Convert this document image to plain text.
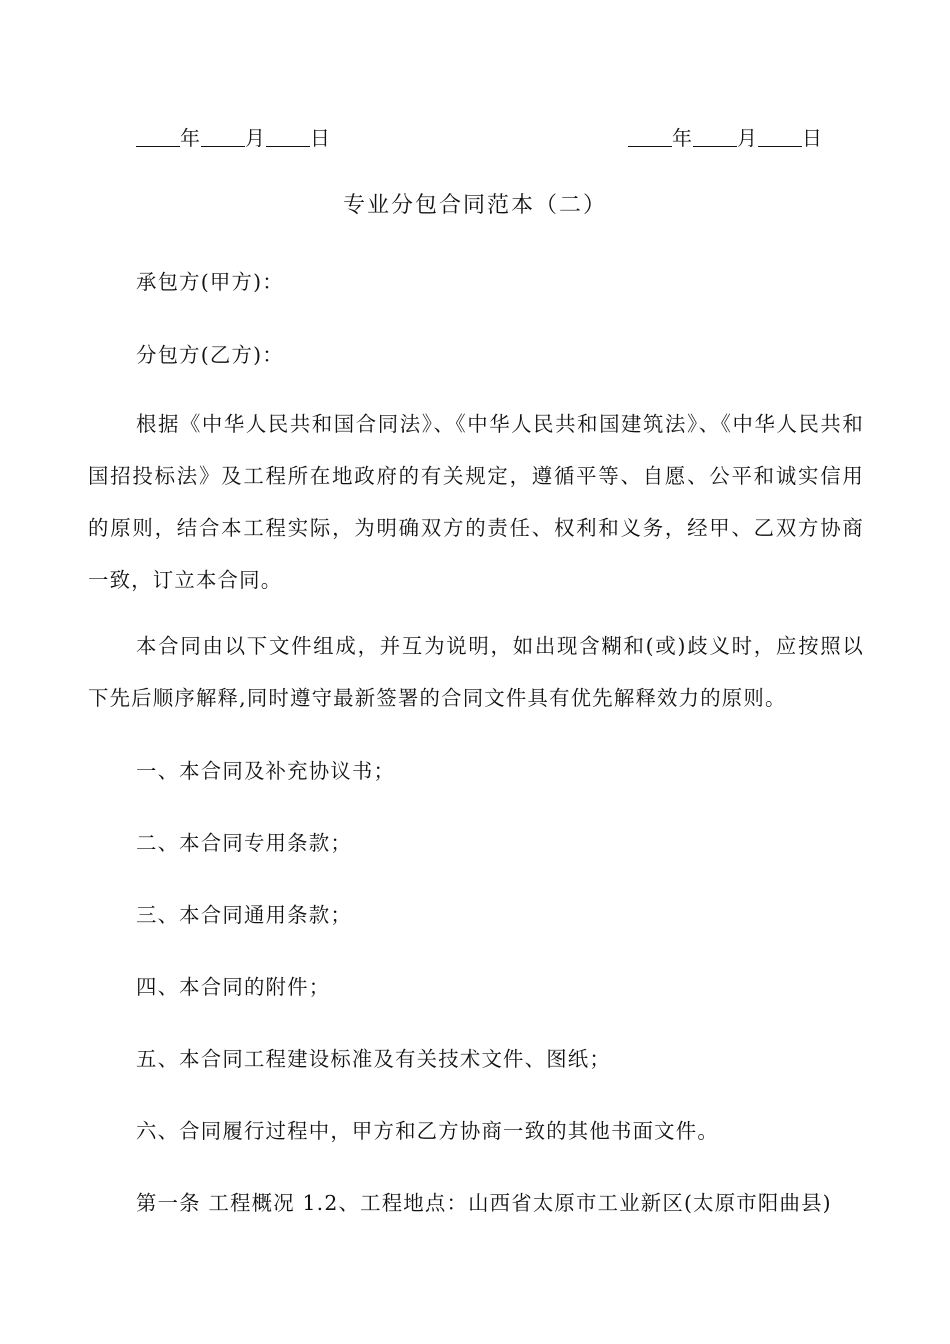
年 月 日	年 月 日
专业分包合同范本（二）
承包方(甲方)：
分包方(乙方)：
根据《中华人民共和国合同法》、《中华人民共和国建筑法》、《中华人民共和国招投标法》及工程所在地政府的有关规定，遵循平等、自愿、公平和诚实信用的原则，结合本工程实际，为明确双方的责任、权利和义务，经甲、乙双方协商一致，订立本合同。
本合同由以下文件组成，并互为说明，如出现含糊和(或)歧义时，应按照以下先后顺序解释,同时遵守最新签署的合同文件具有优先解释效力的原则。
一、本合同及补充协议书；
二、本合同专用条款；
三、本合同通用条款；
四、本合同的附件；
五、本合同工程建设标准及有关技术文件、图纸；
六、合同履行过程中，甲方和乙方协商一致的其他书面文件。
第一条 工程概况 1.2、工程地点：山西省太原市工业新区(太原市阳曲县)
